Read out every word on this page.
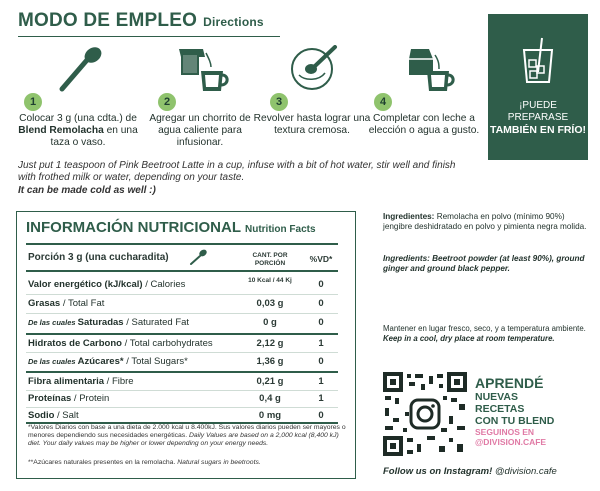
MODO DE EMPLEO Directions
1
Colocar 3 g (una cdta.) de Blend Remolacha en una taza o vaso.
2
Agregar un chorrito de agua caliente para infusionar.
3
Revolver hasta lograr una textura cremosa.
4
Completar con leche a elección o agua a gusto.
¡PUEDE PREPARASE
TAMBIÉN EN FRÍO!
Just put 1 teaspoon of Pink Beetroot Latte in a cup, infuse with a bit of hot water, stir well and finish with frothed milk or water, depending on your taste.
It can be made cold as well :)
INFORMACIÓN NUTRICIONAL Nutrition Facts
Porción 3 g (una cucharadita)	CANT. POR PORCIÓN	%VD*
Valor energético (kJ/kcal) / Calories	10 Kcal / 44 Kj	0
Grasas / Total Fat	0,03 g	0
De las cuales Saturadas / Saturated Fat	0 g	0
Hidratos de Carbono / Total carbohydrates	2,12 g	1
De las cuales Azúcares* / Total Sugars*	1,36 g	0
Fibra alimentaria / Fibre	0,21 g	1
Proteínas / Protein	0,4 g	1
Sodio / Salt	0 mg	0
*Valores Diarios con base a una dieta de 2.000 kcal u 8.400kJ. Sus valores diarios pueden ser mayores o menores dependiendo sus necesidades energéticas. Daily Values are based on a 2,000 kcal (8,400 kJ) diet. Your daily values may be higher or lower depending on your energy needs.
**Azúcares naturales presentes en la remolacha. Natural sugars in beetroots.
Ingredientes: Remolacha en polvo (mínimo 90%) jengibre deshidratado en polvo y pimienta negra molida.
Ingredients: Beetroot powder (at least 90%), ground ginger and ground black pepper.
Mantener en lugar fresco, seco, y a temperatura ambiente. Keep in a cool, dry place at room temperature.
APRENDÉ
NUEVAS
RECETAS
CON TU BLEND
SEGUINOS EN
@DIVISION.CAFE
Follow us on Instagram! @division.cafe
